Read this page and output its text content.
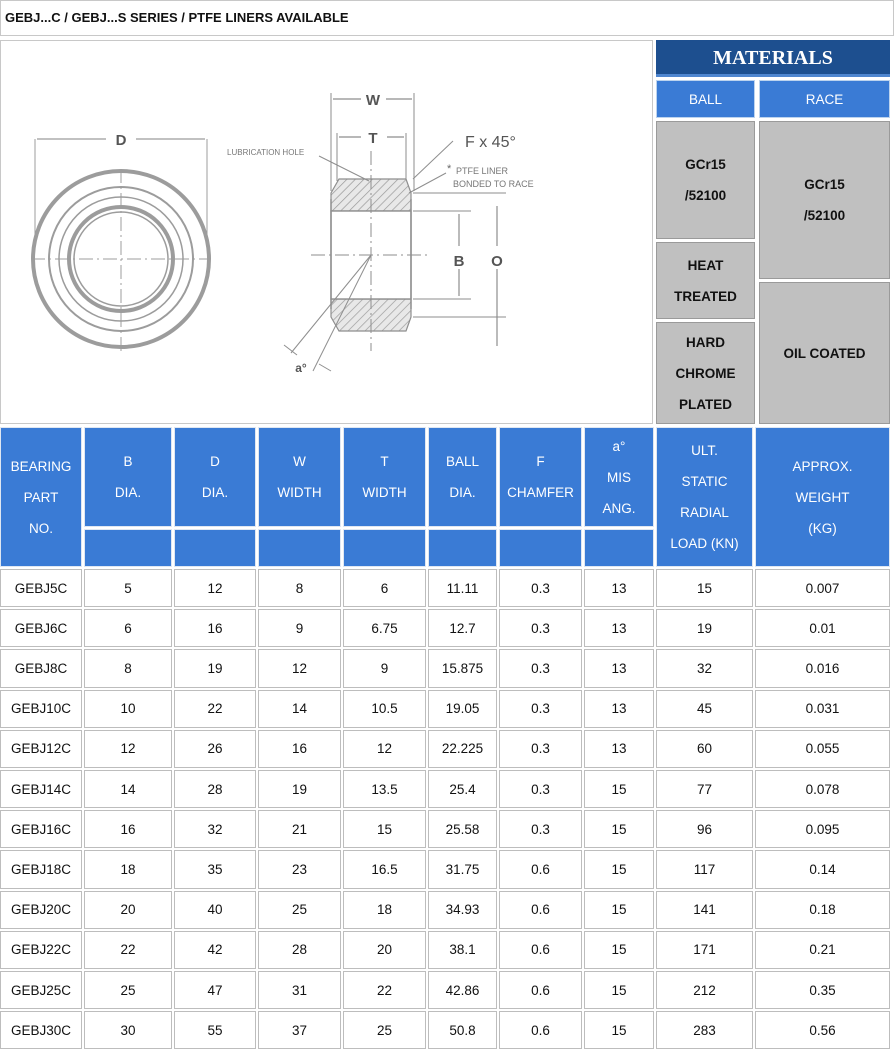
GEBJ...C / GEBJ...S SERIES / PTFE LINERS AVAILABLE
D
W
T	F x 45°
LUBRICATION HOLE
* PTFE LINER
BONDED TO RACE
B O
a°
MATERIALS
BALL	RACE
GCr15
/52100
HEAT
TREATED
HARD
CHROME
PLATED
GCr15
/52100
OIL COATED
BEARING
PART
NO.
B
DIA.
D
DIA.
W
WIDTH
T
WIDTH
BALL
DIA.
F
CHAMFER
a°
MIS
ANG.
ULT.
STATIC
RADIAL
LOAD (KN)
APPROX.
WEIGHT
(KG)
GEBJ5C	5	12	8	6	11.11	0.3	13	15	0.007
GEBJ6C	6	16	9	6.75	12.7	0.3	13	19	0.01
GEBJ8C	8	19	12	9	15.875	0.3	13	32	0.016
GEBJ10C	10	22	14	10.5	19.05	0.3	13	45	0.031
GEBJ12C	12	26	16	12	22.225	0.3	13	60	0.055
GEBJ14C	14	28	19	13.5	25.4	0.3	15	77	0.078
GEBJ16C	16	32	21	15	25.58	0.3	15	96	0.095
GEBJ18C	18	35	23	16.5	31.75	0.6	15	117	0.14
GEBJ20C	20	40	25	18	34.93	0.6	15	141	0.18
GEBJ22C	22	42	28	20	38.1	0.6	15	171	0.21
GEBJ25C	25	47	31	22	42.86	0.6	15	212	0.35
GEBJ30C	30	55	37	25	50.8	0.6	15	283	0.56
